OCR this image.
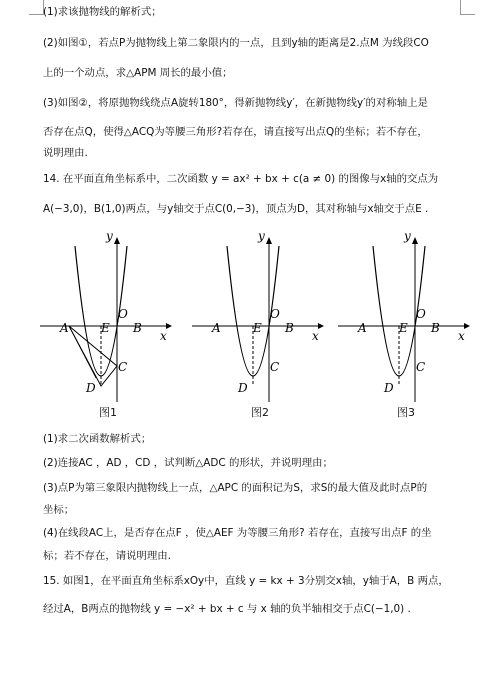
(1)求该抛物线的解析式；
(2)如图①，若点P为抛物线上第二象限内的一点，且到y轴的距离是2.点M 为线段CO
上的一个动点，求△APM 周长的最小值；
(3)如图②，将原抛物线绕点A旋转180°，得新抛物线y′，在新抛物线y′的对称轴上是
否存在点Q，使得△ACQ为等腰三角形?若存在，请直接写出点Q的坐标；若不存在，
说明理由.
14. 在平面直角坐标系中，二次函数 y = ax² + bx + c(a ≠ 0) 的图像与x轴的交点为
A(−3,0)，B(1,0)两点，与y轴交于点C(0,−3)，顶点为D，其对称轴与x轴交于点E .
y
x
O
A	E B
C
D
图1
y
x
O
A	E B
C
D
图2
y
x
O
A	E B
C
D
图3
(1)求二次函数解析式；
(2)连接AC ，AD ，CD ，试判断△ADC 的形状，并说明理由；
(3)点P为第三象限内抛物线上一点，△APC 的面积记为S，求S的最大值及此时点P的
坐标；
(4)在线段AC上，是否存在点F ，使△AEF 为等腰三角形? 若存在，直接写出点F 的坐
标；若不存在，请说明理由.
15. 如图1，在平面直角坐标系xOy中，直线 y = kx + 3分别交x轴，y轴于A，B 两点，
经过A，B两点的抛物线 y = −x² + bx + c 与 x 轴的负半轴相交于点C(−1,0) .
